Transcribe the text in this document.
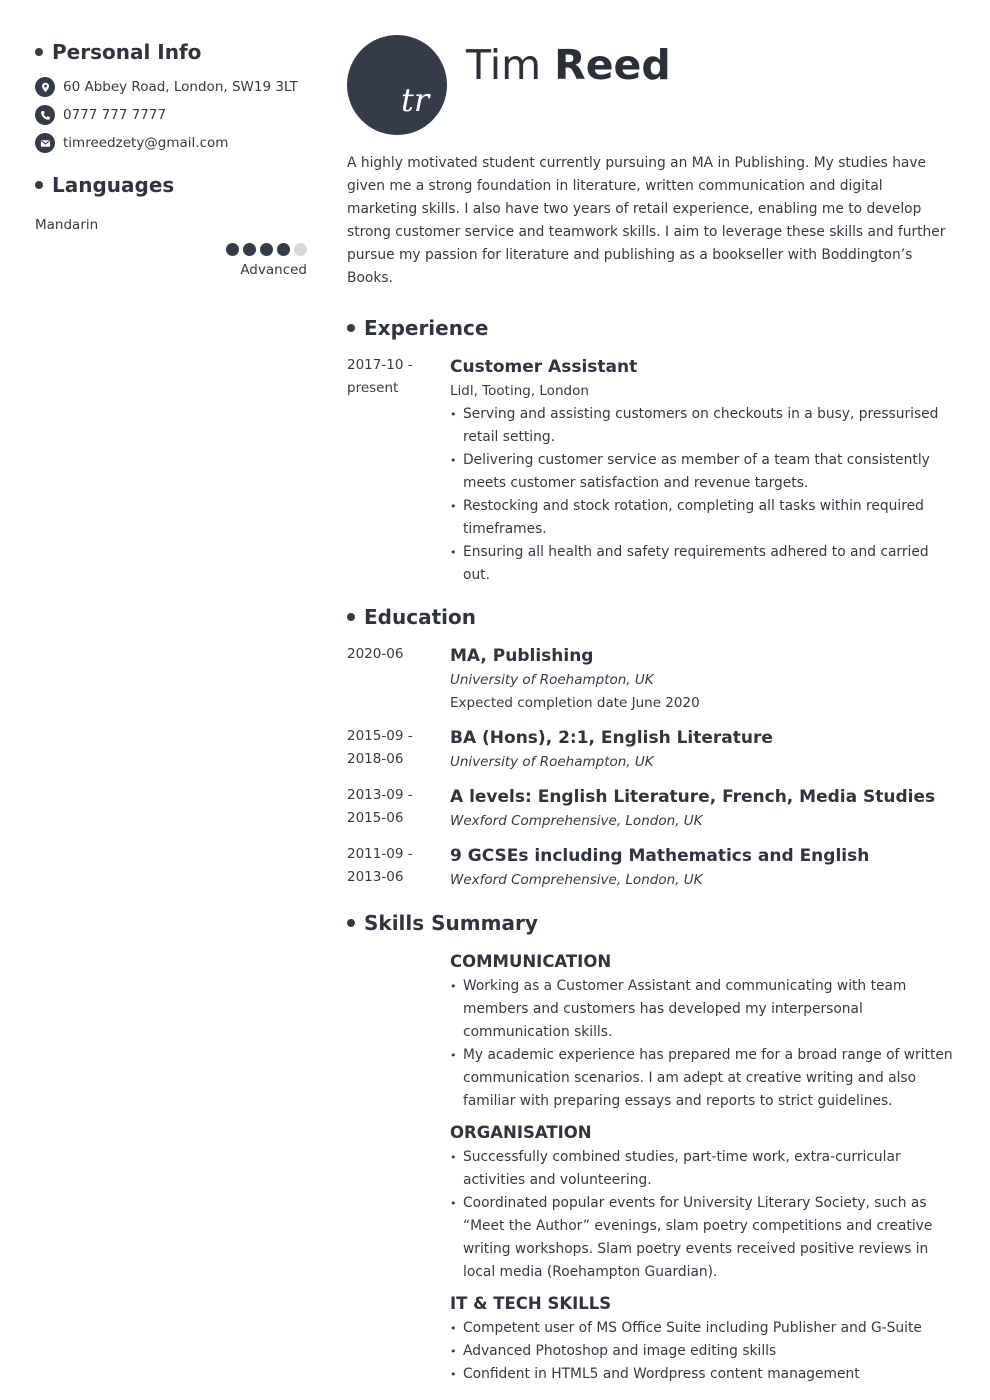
Personal Info
60 Abbey Road, London, SW19 3LT
0777 777 7777
timreedzety@gmail.com
Languages
Mandarin
Advanced
tr
Tim Reed
A highly motivated student currently pursuing an MA in Publishing. My studies have given me a strong foundation in literature, written communication and digital marketing skills. I also have two years of retail experience, enabling me to develop strong customer service and teamwork skills. I aim to leverage these skills and further pursue my passion for literature and publishing as a bookseller with Boddington’s Books.
Experience
2017-10 -
present
Customer Assistant
Lidl, Tooting, London
• Serving and assisting customers on checkouts in a busy, pressurised retail setting.
• Delivering customer service as member of a team that consistently meets customer satisfaction and revenue targets.
• Restocking and stock rotation, completing all tasks within required timeframes.
• Ensuring all health and safety requirements adhered to and carried out.
Education
2020-06	MA, Publishing
University of Roehampton, UK
Expected completion date June 2020
2015-09 -
2018-06
BA (Hons), 2:1, English Literature
University of Roehampton, UK
2013-09 -
2015-06
A levels: English Literature, French, Media Studies
Wexford Comprehensive, London, UK
2011-09 -
2013-06
9 GCSEs including Mathematics and English
Wexford Comprehensive, London, UK
Skills Summary
COMMUNICATION
• Working as a Customer Assistant and communicating with team members and customers has developed my interpersonal communication skills.
• My academic experience has prepared me for a broad range of written communication scenarios. I am adept at creative writing and also familiar with preparing essays and reports to strict guidelines.
ORGANISATION
• Successfully combined studies, part-time work, extra-curricular activities and volunteering.
• Coordinated popular events for University Literary Society, such as “Meet the Author” evenings, slam poetry competitions and creative writing workshops. Slam poetry events received positive reviews in local media (Roehampton Guardian).
IT & TECH SKILLS
• Competent user of MS Office Suite including Publisher and G-Suite
• Advanced Photoshop and image editing skills
• Confident in HTML5 and Wordpress content management
